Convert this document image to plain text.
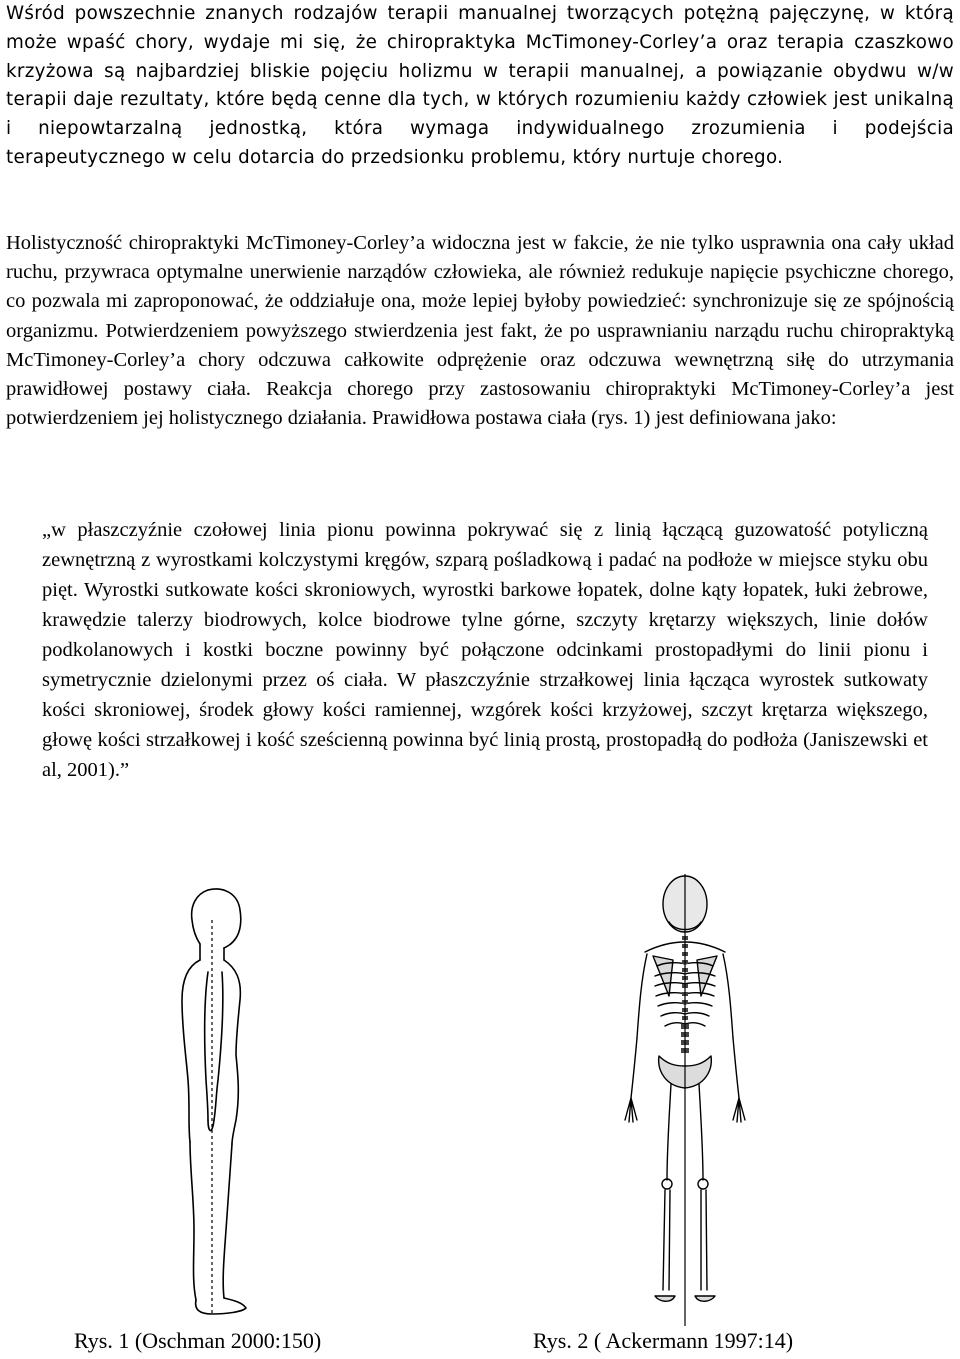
Wśród powszechnie znanych rodzajów terapii manualnej tworzących potężną pajęczynę, w którą może wpaść chory, wydaje mi się, że chiropraktyka McTimoney-Corley’a oraz terapia czaszkowo krzyżowa są najbardziej bliskie pojęciu holizmu w terapii manualnej, a powiązanie obydwu w/w terapii daje rezultaty, które będą cenne dla tych, w których rozumieniu każdy człowiek jest unikalną i niepowtarzalną jednostką, która wymaga indywidualnego zrozumienia i podejścia terapeutycznego w celu dotarcia do przedsionku problemu, który nurtuje chorego.

Holistyczność chiropraktyki McTimoney-Corley’a widoczna jest w fakcie, że nie tylko usprawnia ona cały układ ruchu, przywraca optymalne unerwienie narządów człowieka, ale również redukuje napięcie psychiczne chorego, co pozwala mi zaproponować, że oddziałuje ona, może lepiej byłoby powiedzieć: synchronizuje się ze spójnością organizmu. Potwierdzeniem powyższego stwierdzenia jest fakt, że po usprawnianiu narządu ruchu chiropraktyką McTimoney-Corley’a chory odczuwa całkowite odprężenie oraz odczuwa wewnętrzną siłę do utrzymania prawidłowej postawy ciała. Reakcja chorego przy zastosowaniu chiropraktyki McTimoney-Corley’a jest potwierdzeniem jej holistycznego działania. Prawidłowa postawa ciała (rys. 1) jest definiowana jako:

„w płaszczyźnie czołowej linia pionu powinna pokrywać się z linią łączącą guzowatość potyliczną zewnętrzną z wyrostkami kolczystymi kręgów, szparą pośladkową i padać na podłoże w miejsce styku obu pięt. Wyrostki sutkowate kości skroniowych, wyrostki barkowe łopatek, dolne kąty łopatek, łuki żebrowe, krawędzie talerzy biodrowych, kolce biodrowe tylne górne, szczyty krętarzy większych, linie dołów podkolanowych i kostki boczne powinny być połączone odcinkami prostopadłymi do linii pionu i symetrycznie dzielonymi przez oś ciała. W płaszczyźnie strzałkowej linia łącząca wyrostek sutkowaty kości skroniowej, środek głowy kości ramiennej, wzgórek kości krzyżowej, szczyt krętarza większego, głowę kości strzałkowej i kość sześcienną powinna być linią prostą, prostopadłą do podłoża (Janiszewski et al, 2001).”

Rys. 1 (Oschman 2000:150)	Rys. 2 ( Ackermann 1997:14)
